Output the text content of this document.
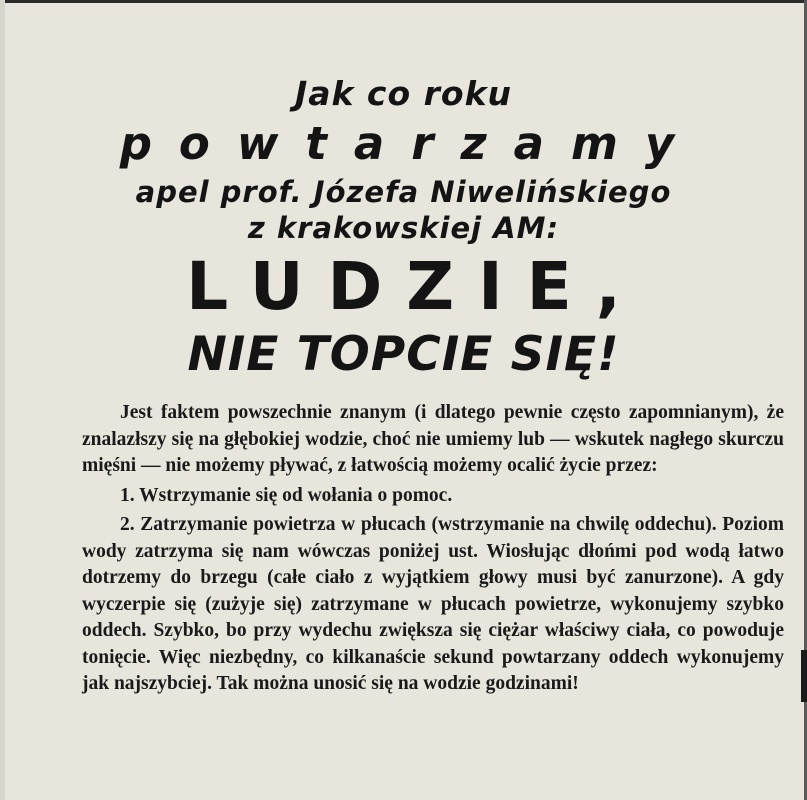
Jak co roku
powtarzamy
apel prof. Józefa Niwelińskiego
z krakowskiej AM:
LUDZIE,
NIE TOPCIE SIĘ!

Jest faktem powszechnie znanym (i dlatego pewnie często zapomnianym), że znalazłszy się na głębokiej wodzie, choć nie umiemy lub — wskutek nagłego skurczu mięśni — nie możemy pływać, z łatwością możemy ocalić życie przez:

1. Wstrzymanie się od wołania o pomoc.

2. Zatrzymanie powietrza w płucach (wstrzymanie na chwilę oddechu). Poziom wody zatrzyma się nam wówczas poniżej ust. Wiosłując dłońmi pod wodą łatwo dotrzemy do brzegu (całe ciało z wyjątkiem głowy musi być zanurzone). A gdy wyczerpie się (zużyje się) zatrzymane w płucach powietrze, wykonujemy szybko oddech. Szybko, bo przy wydechu zwiększa się ciężar właściwy ciała, co powoduje tonięcie. Więc niezbędny, co kilkanaście sekund powtarzany oddech wykonujemy jak najszybciej. Tak można unosić się na wodzie godzinami!
